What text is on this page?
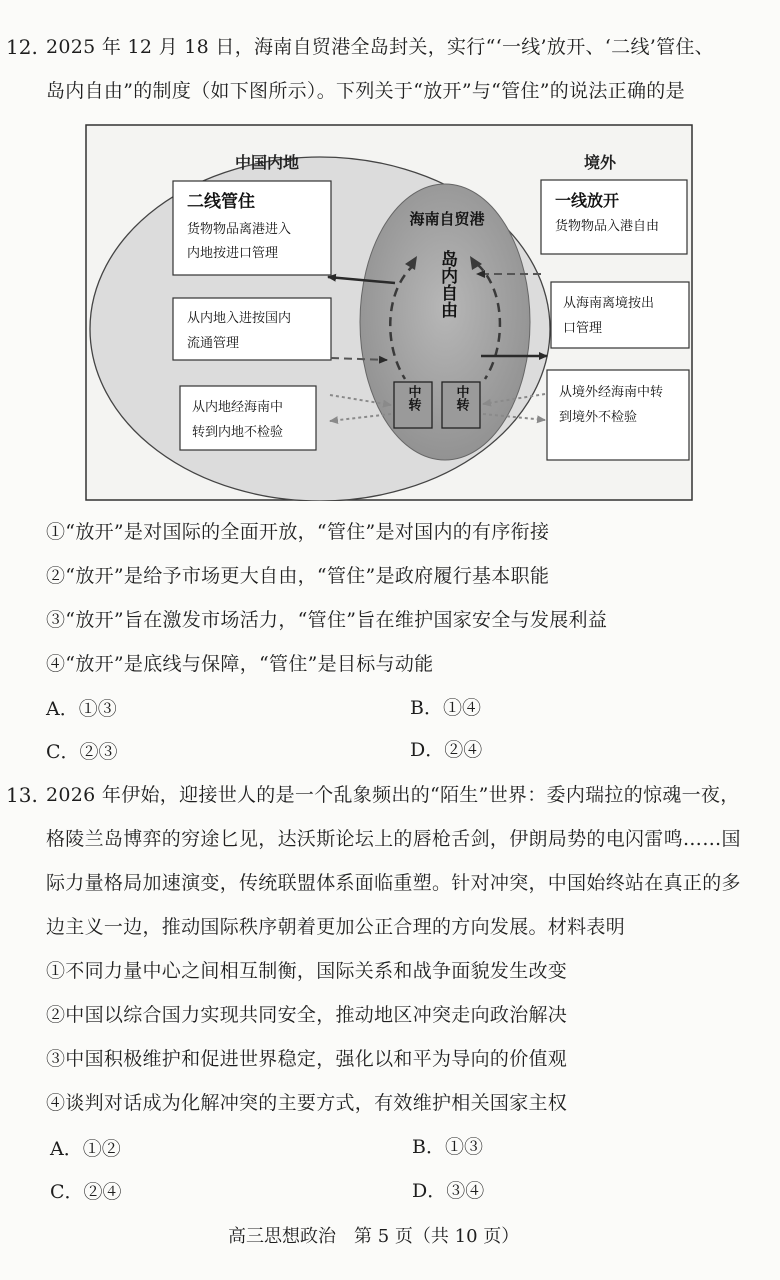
12. 2025 年 12 月 18 日，海南自贸港全岛封关，实行“‘一线’放开、‘二线’管住、
岛内自由”的制度（如下图所示）。下列关于“放开”与“管住”的说法正确的是
中国内地	境外
海南自贸港
岛内自由
二线管住
货物物品离港进入
内地按进口管理
一线放开
货物物品入港自由
从内地入进按国内
流通管理
从海南离境按出
口管理
从内地经海南中
转到内地不检验
从境外经海南中转
到境外不检验
中转	中转
①“放开”是对国际的全面开放，“管住”是对国内的有序衔接
②“放开”是给予市场更大自由，“管住”是政府履行基本职能
③“放开”旨在激发市场活力，“管住”旨在维护国家安全与发展利益
④“放开”是底线与保障，“管住”是目标与动能
A．①③	B．①④
C．②③	D．②④
13. 2026 年伊始，迎接世人的是一个乱象频出的“陌生”世界：委内瑞拉的惊魂一夜，
格陵兰岛博弈的穷途匕见，达沃斯论坛上的唇枪舌剑，伊朗局势的电闪雷鸣……国
际力量格局加速演变，传统联盟体系面临重塑。针对冲突，中国始终站在真正的多
边主义一边，推动国际秩序朝着更加公正合理的方向发展。材料表明
①不同力量中心之间相互制衡，国际关系和战争面貌发生改变
②中国以综合国力实现共同安全，推动地区冲突走向政治解决
③中国积极维护和促进世界稳定，强化以和平为导向的价值观
④谈判对话成为化解冲突的主要方式，有效维护相关国家主权
A．①②	B．①③
C．②④	D．③④
高三思想政治　第 5 页（共 10 页）
